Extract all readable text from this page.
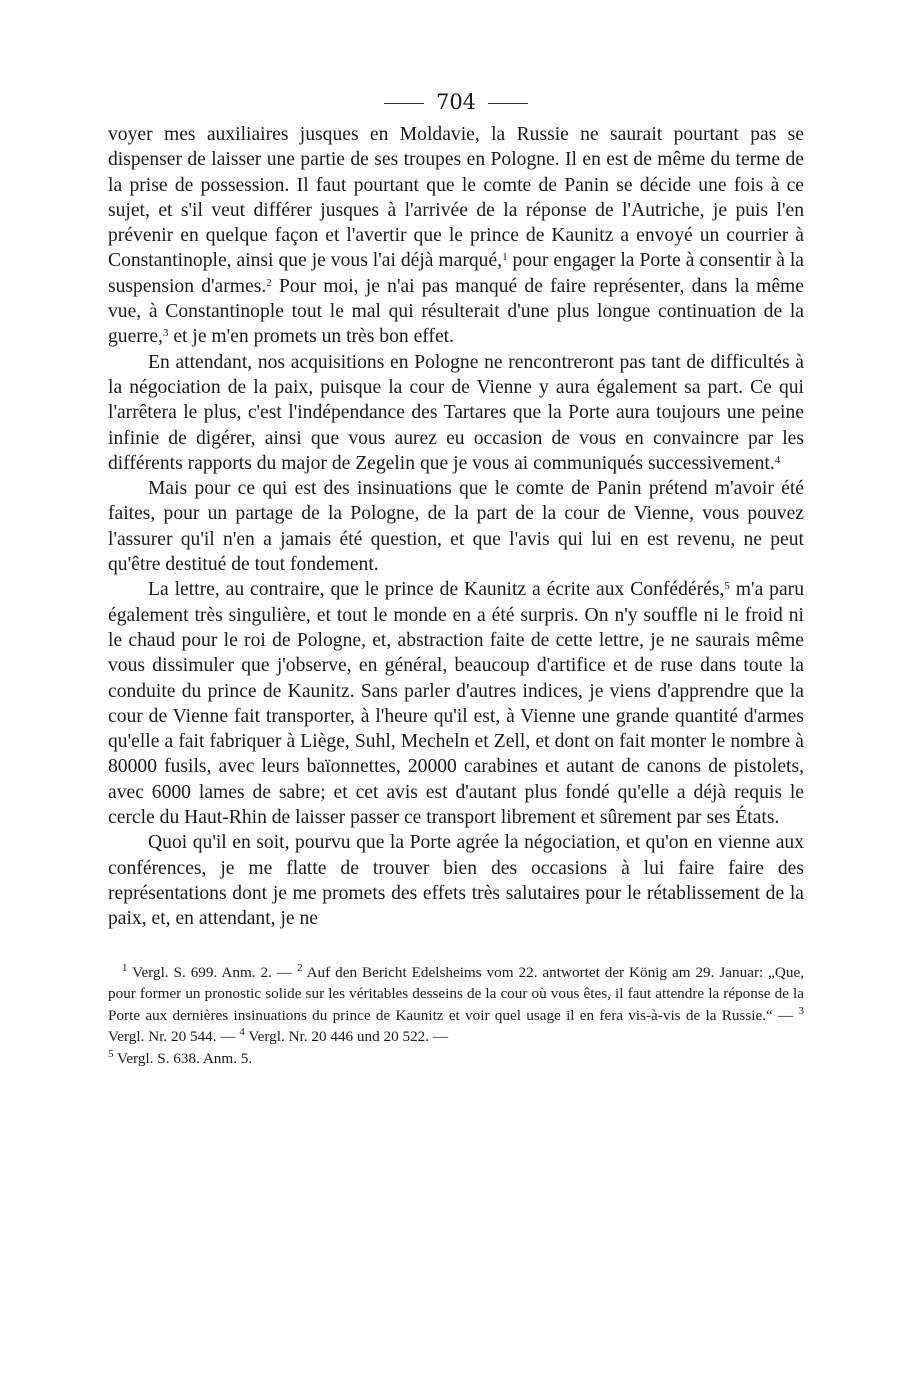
704

voyer mes auxiliaires jusques en Moldavie, la Russie ne saurait pourtant pas se dispenser de laisser une partie de ses troupes en Pologne. Il en est de même du terme de la prise de possession. Il faut pourtant que le comte de Panin se décide une fois à ce sujet, et s'il veut différer jusques à l'arrivée de la réponse de l'Autriche, je puis l'en prévenir en quelque façon et l'avertir que le prince de Kaunitz a envoyé un courrier à Constantinople, ainsi que je vous l'ai déjà marqué,$^1$ pour engager la Porte à consentir à la suspension d'armes.$^2$ Pour moi, je n'ai pas manqué de faire représenter, dans la même vue, à Constantinople tout le mal qui résulterait d'une plus longue continuation de la guerre,$^3$ et je m'en promets un très bon effet.

En attendant, nos acquisitions en Pologne ne rencontreront pas tant de difficultés à la négociation de la paix, puisque la cour de Vienne y aura également sa part. Ce qui l'arrêtera le plus, c'est l'indépendance des Tartares que la Porte aura toujours une peine infinie de digérer, ainsi que vous aurez eu occasion de vous en convaincre par les différents rapports du major de Zegelin que je vous ai communiqués successivement.$^4$

Mais pour ce qui est des insinuations que le comte de Panin prétend m'avoir été faites, pour un partage de la Pologne, de la part de la cour de Vienne, vous pouvez l'assurer qu'il n'en a jamais été question, et que l'avis qui lui en est revenu, ne peut qu'être destitué de tout fondement.

La lettre, au contraire, que le prince de Kaunitz a écrite aux Confédérés,$^5$ m'a paru également très singulière, et tout le monde en a été surpris. On n'y souffle ni le froid ni le chaud pour le roi de Pologne, et, abstraction faite de cette lettre, je ne saurais même vous dissimuler que j'observe, en général, beaucoup d'artifice et de ruse dans toute la conduite du prince de Kaunitz. Sans parler d'autres indices, je viens d'apprendre que la cour de Vienne fait transporter, à l'heure qu'il est, à Vienne une grande quantité d'armes qu'elle a fait fabriquer à Liège, Suhl, Mecheln et Zell, et dont on fait monter le nombre à 80000 fusils, avec leurs baïonnettes, 20000 carabines et autant de canons de pistolets, avec 6000 lames de sabre; et cet avis est d'autant plus fondé qu'elle a déjà requis le cercle du Haut-Rhin de laisser passer ce transport librement et sûrement par ses États.

Quoi qu'il en soit, pourvu que la Porte agrée la négociation, et qu'on en vienne aux conférences, je me flatte de trouver bien des occasions à lui faire faire des représentations dont je me promets des effets très salutaires pour le rétablissement de la paix, et, en attendant, je ne

$^1$ Vergl. S. 699. Anm. 2. — $^2$ Auf den Bericht Edelsheims vom 22. antwortet der König am 29. Januar: „Que, pour former un pronostic solide sur les véritables desseins de la cour où vous êtes, il faut attendre la réponse de la Porte aux dernières insinuations du prince de Kaunitz et voir quel usage il en fera vis-à-vis de la Russie.“ — $^3$ Vergl. Nr. 20 544. — $^4$ Vergl. Nr. 20 446 und 20 522. —
$^5$ Vergl. S. 638. Anm. 5.
